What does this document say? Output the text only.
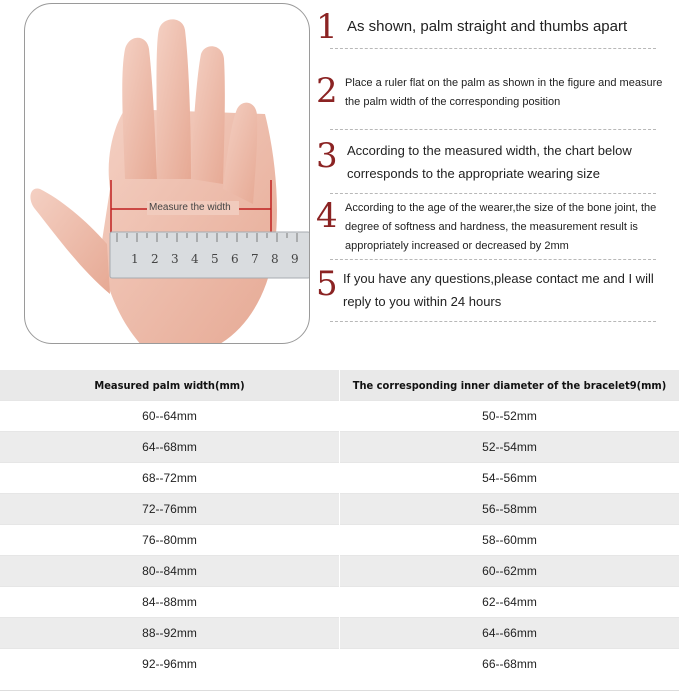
Measure the width
1 2 3 4 5 6 7 8 9
1 As shown, palm straight and thumbs apart
2 Place a ruler flat on the palm as shown in the figure and measure the palm width of the corresponding position
3 According to the measured width, the chart below corresponds to the appropriate wearing size
4 According to the age of the wearer,the size of the bone joint, the degree of softness and hardness, the measurement result is appropriately increased or decreased by 2mm
5 If you have any questions,please contact me and I will reply to you within 24 hours
Measured palm width(mm)	The corresponding inner diameter of the bracelet9(mm)
60--64mm	50--52mm
64--68mm	52--54mm
68--72mm	54--56mm
72--76mm	56--58mm
76--80mm	58--60mm
80--84mm	60--62mm
84--88mm	62--64mm
88--92mm	64--66mm
92--96mm	66--68mm
